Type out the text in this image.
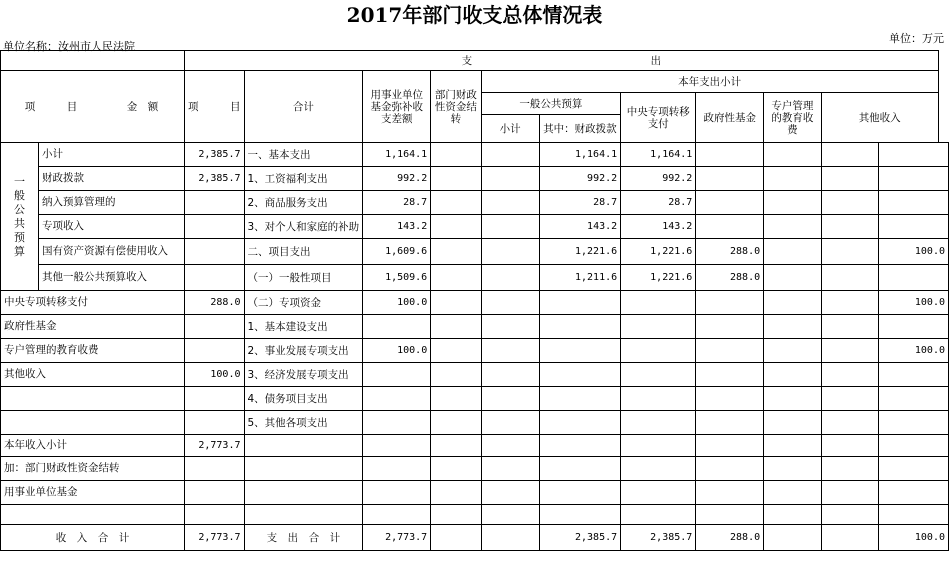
2017年部门收支总体情况表
单位名称：汝州市人民法院
单位：万元
		支　　　　　　　　　　　　　　　　　出										

项　　　目 金　额		项　　　目	合计	用事业单位基金弥补收支差额	部门财政性资金结转	本年支出小计						
						一般公共预算		中央专项转移支付	政府性基金	专户管理的教育收费	其他收入	
						小计	其中：财政拨款					

一般公共预算	小计	2,385.7	一、基本支出	1,164.1			1,164.1	1,164.1				
	财政拨款	2,385.7	1、工资福利支出	992.2			992.2	992.2				
	纳入预算管理的		2、商品服务支出	28.7			28.7	28.7				
	专项收入		3、对个人和家庭的补助	143.2			143.2	143.2				
	国有资产资源有偿使用收入		二、项目支出	1,609.6			1,221.6	1,221.6	288.0			100.0
	其他一般公共预算收入		（一）一般性项目	1,509.6			1,211.6	1,221.6	288.0			
中央专项转移支付		288.0	（二）专项资金	100.0								100.0
政府性基金			1、基本建设支出									
专户管理的教育收费			2、事业发展专项支出	100.0								100.0
其他收入		100.0	3、经济发展专项支出									
			4、债务项目支出									
			5、其他各项支出									
本年收入小计		2,773.7										
加：部门财政性资金结转												
用事业单位基金												

收　入　合　计		2,773.7	支　出　合　计	2,773.7			2,385.7	2,385.7	288.0			100.0
